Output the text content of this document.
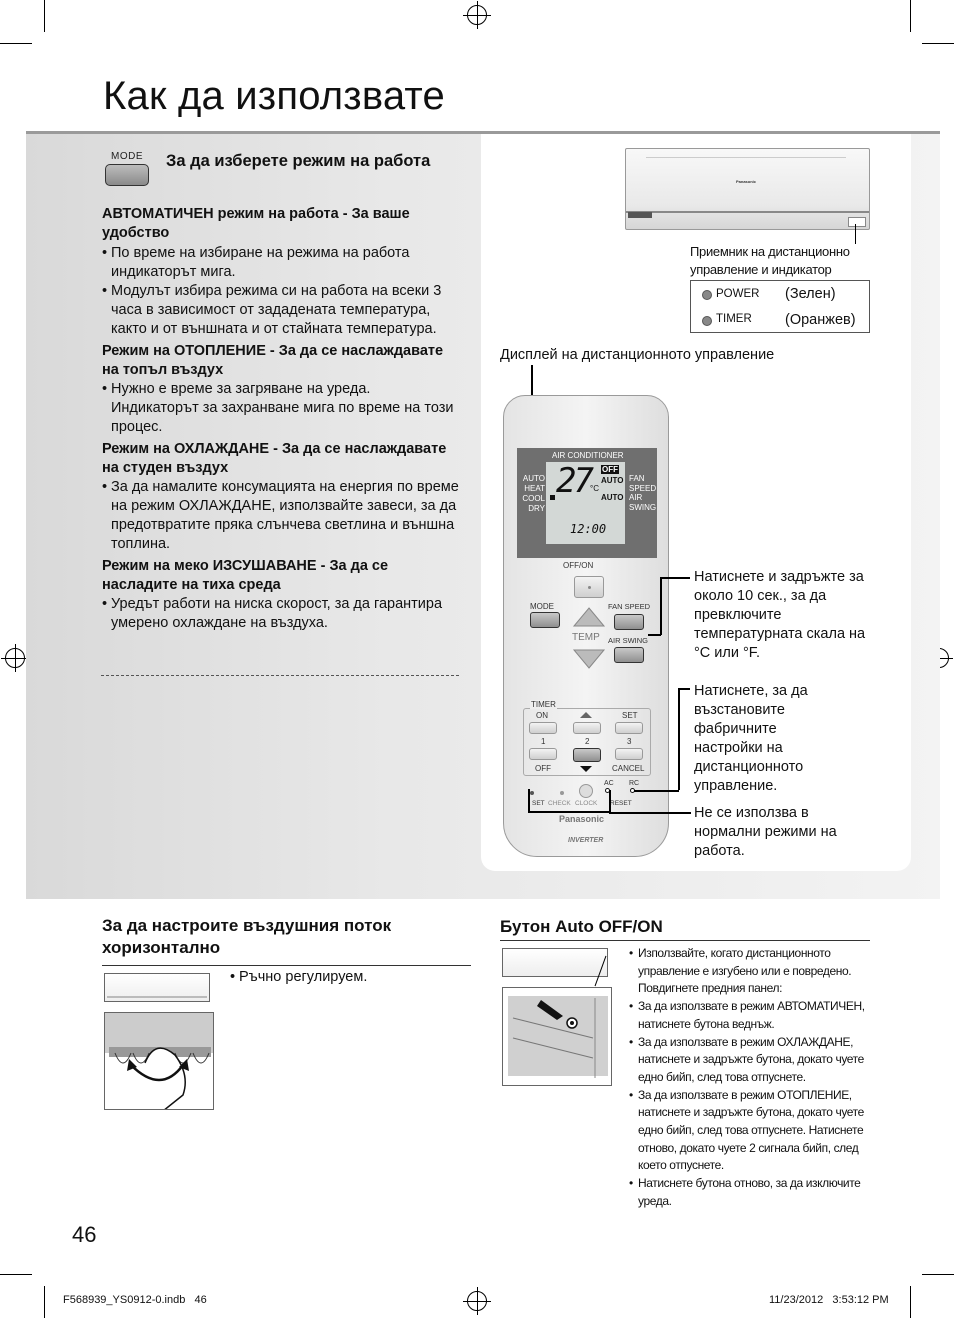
Как да използвате
MODE	За да изберете режим на работа
АВТОМАТИЧЕН режим на работа - За ваше удобство
• По време на избиране на режима на работа индикаторът мига.
• Модулът избира режима си на работа на всеки 3 часа в зависимост от зададената температура, както и от външната и от стайната температура.
Режим на ОТОПЛЕНИЕ - За да се наслаждавате на топъл въздух
• Нужно е време за загряване на уреда. Индикаторът за захранване мига по време на този процес.
Режим на ОХЛАЖДАНЕ - За да се наслаждавате на студен въздух
• За да намалите консумацията на енергия по време на режим ОХЛАЖДАНЕ, използвайте завеси, за да предотвратите пряка слънчева светлина и външна топлина.
Режим на меко ИЗСУШАВАНЕ - За да се насладите на тиха среда
• Уредът работи на ниска скорост, за да гарантира умерено охлаждане на въздуха.
Panasonic
Приемник на дистанционно управление и индикатор
POWER (Зелен)
TIMER (Оранжев)
Дисплей на дистанционното управление
AIR CONDITIONER
AUTO
HEAT
COOL
DRY
FAN
SPEED
AIR
SWING
27 °C
OFF
AUTO
AUTO
12:00
OFF/ON
MODE
TEMP
FAN SPEED
AIR SWING
TIMER
ON	SET
1	2	3
OFF	CANCEL
AC RC
SET CHECK CLOCK RESET
Panasonic
INVERTER
Натиснете и задръжте за около 10 сек., за да превключите температурната скала на °C или °F.
Натиснете, за да възстановите фабричните настройки на дистанционното управление.
Не се използва в нормални режими на работа.
За да настроите въздушния поток хоризонтално
• Ръчно регулируем.
Бутон Auto OFF/ON
• Използвайте, когато дистанционното управление е изгубено или е повредено. Повдигнете предния панел:
• За да използвате в режим АВТОМАТИЧЕН, натиснете бутона веднъж.
• За да използвате в режим ОХЛАЖДАНЕ, натиснете и задръжте бутона, докато чуете едно бийп, след това отпуснете.
• За да използвате в режим ОТОПЛЕНИЕ, натиснете и задръжте бутона, докато чуете едно бийп, след това отпуснете. Натиснете отново, докато чуете 2 сигнала бийп, след което отпуснете.
• Натиснете бутона отново, за да изключите уреда.
46
F568939_YS0912-0.indb   46	11/23/2012   3:53:12 PM
